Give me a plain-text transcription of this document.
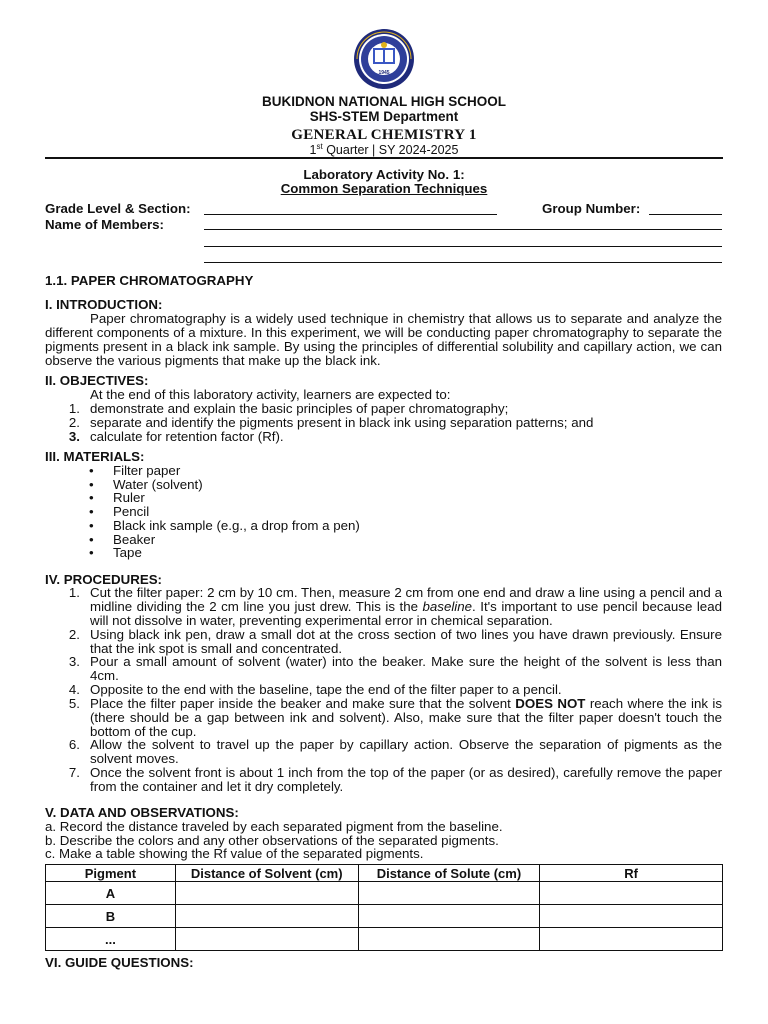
1945
BUKIDNON NATIONAL HIGH SCHOOL
SHS-STEM Department
GENERAL CHEMISTRY 1
1st Quarter | SY 2024-2025
Laboratory Activity No. 1:
Common Separation Techniques
Grade Level & Section:	Group Number:
Name of Members:
1.1. PAPER CHROMATOGRAPHY
I. INTRODUCTION:
Paper chromatography is a widely used technique in chemistry that allows us to separate and analyze the different components of a mixture. In this experiment, we will be conducting paper chromatography to separate the pigments present in a black ink sample. By using the principles of differential solubility and capillary action, we can observe the various pigments that make up the black ink.
II. OBJECTIVES:
At the end of this laboratory activity, learners are expected to:
1. demonstrate and explain the basic principles of paper chromatography;
2. separate and identify the pigments present in black ink using separation patterns; and
3. calculate for retention factor (Rf).
III. MATERIALS:
• Filter paper
• Water (solvent)
• Ruler
• Pencil
• Black ink sample (e.g., a drop from a pen)
• Beaker
• Tape
IV. PROCEDURES:
1. Cut the filter paper: 2 cm by 10 cm. Then, measure 2 cm from one end and draw a line using a pencil and a midline dividing the 2 cm line you just drew. This is the baseline. It's important to use pencil because lead will not dissolve in water, preventing experimental error in chemical separation.
2. Using black ink pen, draw a small dot at the cross section of two lines you have drawn previously. Ensure that the ink spot is small and concentrated.
3. Pour a small amount of solvent (water) into the beaker. Make sure the height of the solvent is less than 4cm.
4. Opposite to the end with the baseline, tape the end of the filter paper to a pencil.
5. Place the filter paper inside the beaker and make sure that the solvent DOES NOT reach where the ink is (there should be a gap between ink and solvent). Also, make sure that the filter paper doesn't touch the bottom of the cup.
6. Allow the solvent to travel up the paper by capillary action. Observe the separation of pigments as the solvent moves.
7. Once the solvent front is about 1 inch from the top of the paper (or as desired), carefully remove the paper from the container and let it dry completely.
V. DATA AND OBSERVATIONS:
a. Record the distance traveled by each separated pigment from the baseline.
b. Describe the colors and any other observations of the separated pigments.
c. Make a table showing the Rf value of the separated pigments.
Pigment	Distance of Solvent (cm)	Distance of Solute (cm)	Rf
A			
B			
...			
VI. GUIDE QUESTIONS:
